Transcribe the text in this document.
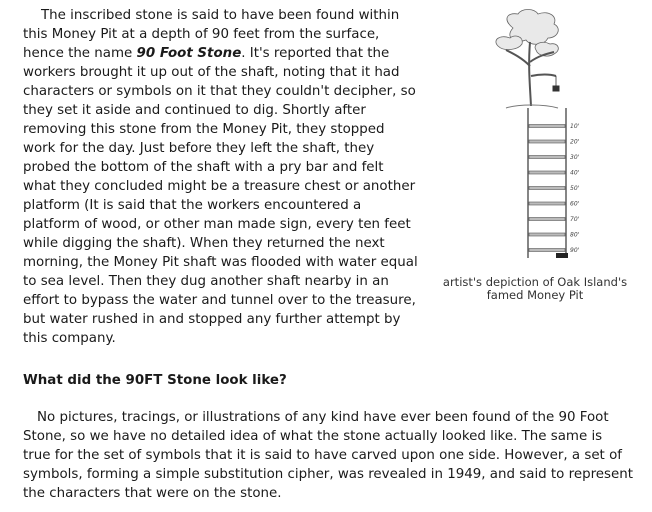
The inscribed stone is said to have been found within this Money Pit at a depth of 90 feet from the surface, hence the name 90 Foot Stone. It's reported that the workers brought it up out of the shaft, noting that it had characters or symbols on it that they couldn't decipher, so they set it aside and continued to dig. Shortly after removing this stone from the Money Pit, they stopped work for the day. Just before they left the shaft, they probed the bottom of the shaft with a pry bar and felt what they concluded might be a treasure chest or another platform (It is said that the workers encountered a platform of wood, or other man made sign, every ten feet while digging the shaft). When they returned the next morning, the Money Pit shaft was flooded with water equal to sea level. Then they dug another shaft nearby in an effort to bypass the water and tunnel over to the treasure, but water rushed in and stopped any further attempt by this company.

10'
20'
30'
40'
50'
60'
70'
80'
90'
artist's depiction of Oak Island's famed Money Pit
What did the 90FT Stone look like?

No pictures, tracings, or illustrations of any kind have ever been found of the 90 Foot Stone, so we have no detailed idea of what the stone actually looked like. The same is true for the set of symbols that it is said to have carved upon one side. However, a set of symbols, forming a simple substitution cipher, was revealed in 1949, and said to represent the characters that were on the stone.
